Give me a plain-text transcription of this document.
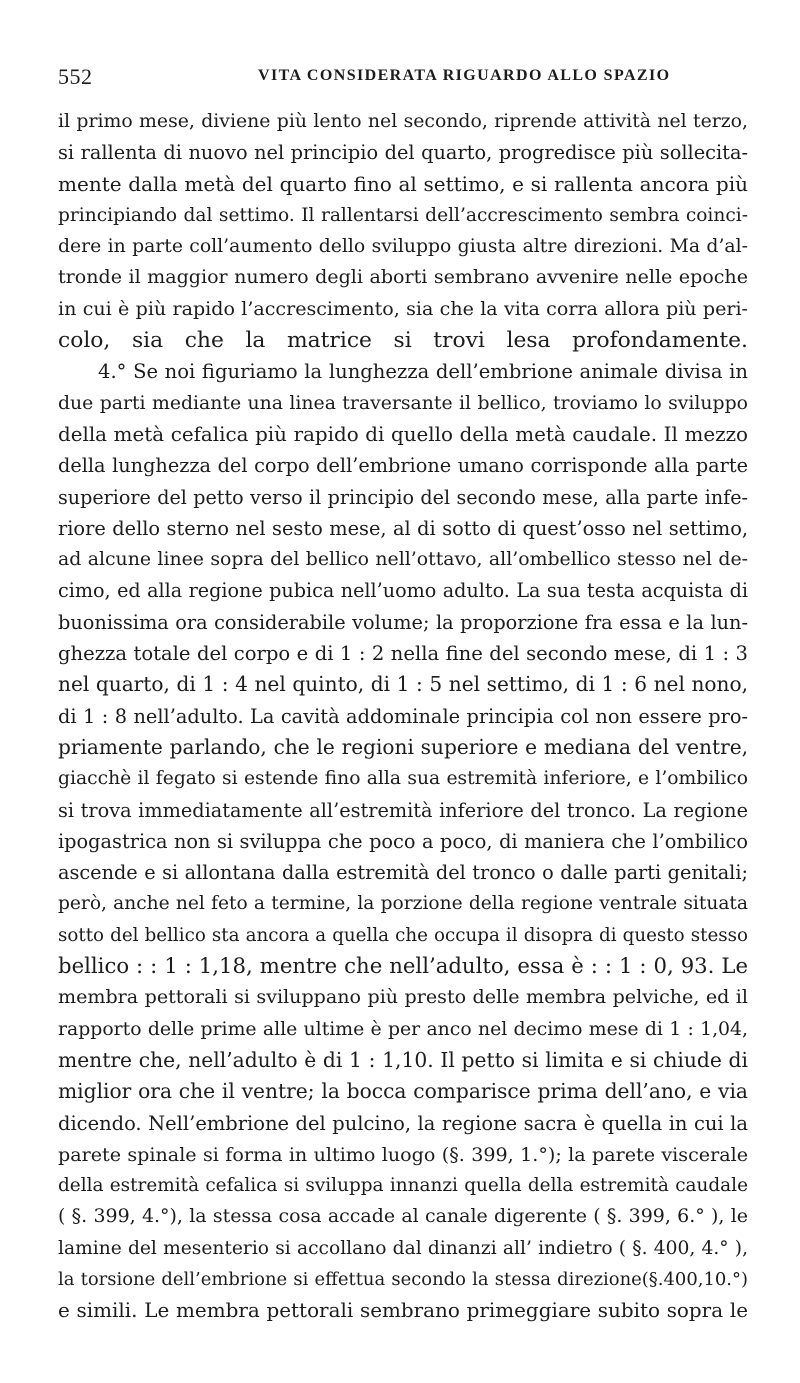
552	VITA CONSIDERATA RIGUARDO ALLO SPAZIO
il primo mese, diviene più lento nel secondo, riprende attività nel terzo,
si rallenta di nuovo nel principio del quarto, progredisce più sollecita-
mente dalla metà del quarto fino al settimo, e si rallenta ancora più
principiando dal settimo. Il rallentarsi dell’accrescimento sembra coinci-
dere in parte coll’aumento dello sviluppo giusta altre direzioni. Ma d’al-
tronde il maggior numero degli aborti sembrano avvenire nelle epoche
in cui è più rapido l’accrescimento, sia che la vita corra allora più peri-
colo, sia che la matrice si trovi lesa profondamente.
4.° Se noi figuriamo la lunghezza dell’embrione animale divisa in
due parti mediante una linea traversante il bellico, troviamo lo sviluppo
della metà cefalica più rapido di quello della metà caudale. Il mezzo
della lunghezza del corpo dell’embrione umano corrisponde alla parte
superiore del petto verso il principio del secondo mese, alla parte infe-
riore dello sterno nel sesto mese, al di sotto di quest’osso nel settimo,
ad alcune linee sopra del bellico nell’ottavo, all’ombellico stesso nel de-
cimo, ed alla regione pubica nell’uomo adulto. La sua testa acquista di
buonissima ora considerabile volume; la proporzione fra essa e la lun-
ghezza totale del corpo e di 1 : 2 nella fine del secondo mese, di 1 : 3
nel quarto, di 1 : 4 nel quinto, di 1 : 5 nel settimo, di 1 : 6 nel nono,
di 1 : 8 nell’adulto. La cavità addominale principia col non essere pro-
priamente parlando, che le regioni superiore e mediana del ventre,
giacchè il fegato si estende fino alla sua estremità inferiore, e l’ombilico
si trova immediatamente all’estremità inferiore del tronco. La regione
ipogastrica non si sviluppa che poco a poco, di maniera che l’ombilico
ascende e si allontana dalla estremità del tronco o dalle parti genitali;
però, anche nel feto a termine, la porzione della regione ventrale situata
sotto del bellico sta ancora a quella che occupa il disopra di questo stesso
bellico : : 1 : 1,18, mentre che nell’adulto, essa è : : 1 : 0, 93. Le
membra pettorali si sviluppano più presto delle membra pelviche, ed il
rapporto delle prime alle ultime è per anco nel decimo mese di 1 : 1,04,
mentre che, nell’adulto è di 1 : 1,10. Il petto si limita e si chiude di
miglior ora che il ventre; la bocca comparisce prima dell’ano, e via
dicendo. Nell’embrione del pulcino, la regione sacra è quella in cui la
parete spinale si forma in ultimo luogo (§. 399, 1.°); la parete viscerale
della estremità cefalica si sviluppa innanzi quella della estremità caudale
( §. 399, 4.°), la stessa cosa accade al canale digerente ( §. 399, 6.° ), le
lamine del mesenterio si accollano dal dinanzi all’ indietro ( §. 400, 4.° ),
la torsione dell’embrione si effettua secondo la stessa direzione(§.400,10.°)
e simili. Le membra pettorali sembrano primeggiare subito sopra le
